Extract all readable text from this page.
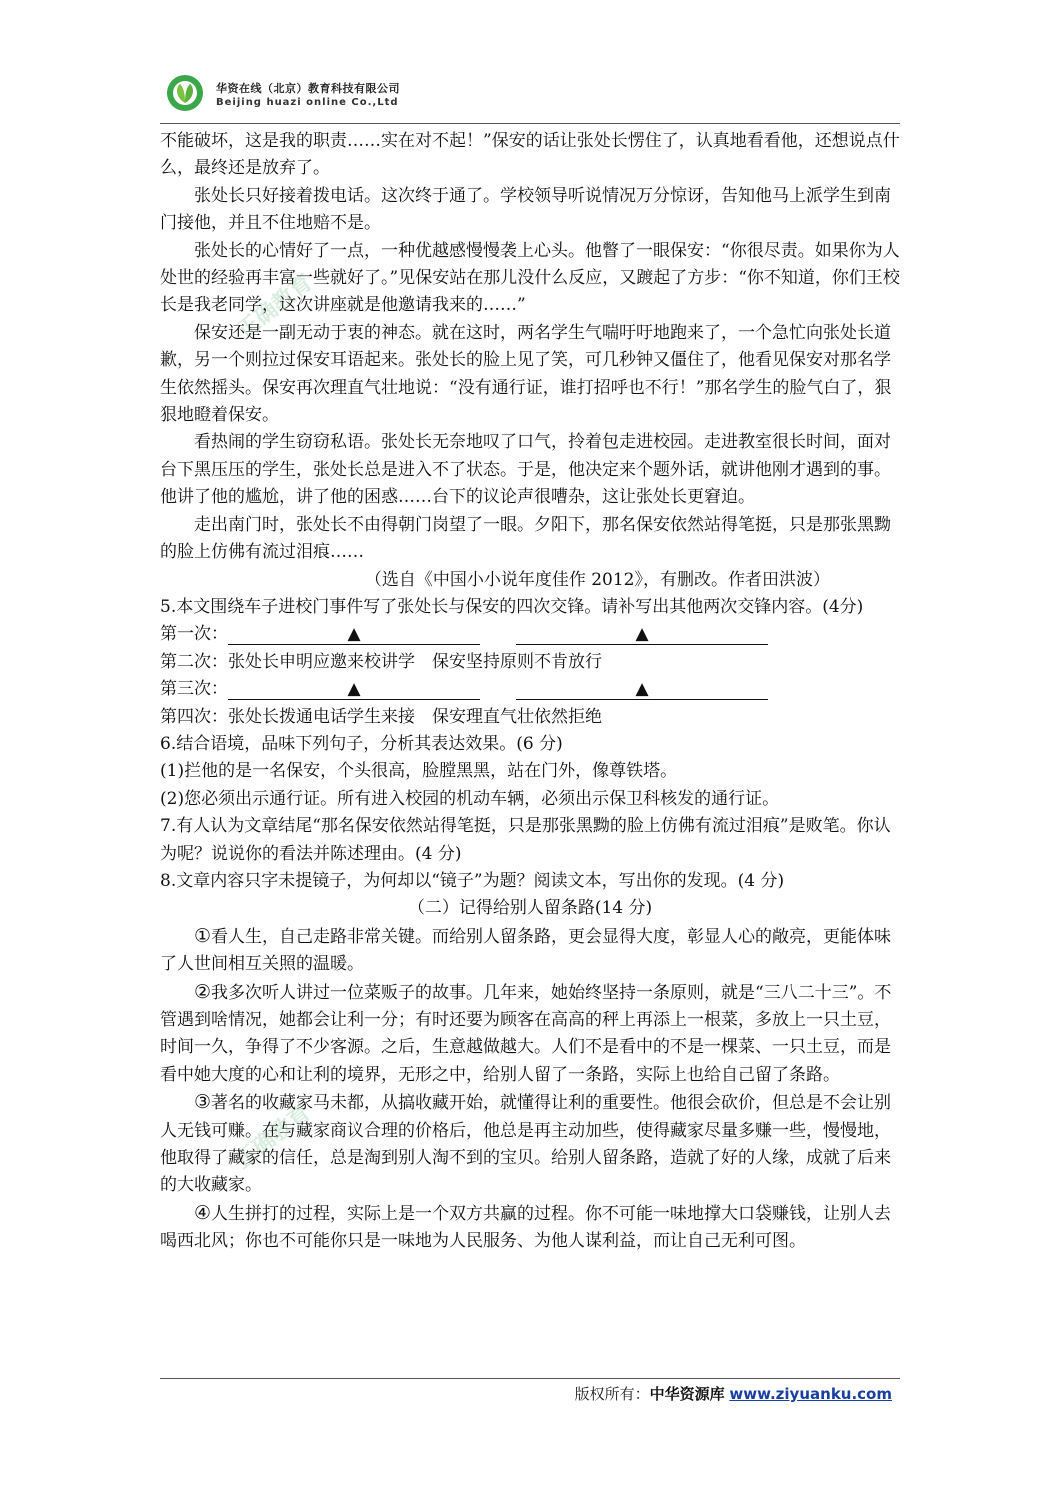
华资在线（北京）教育科技有限公司
Beijing huazi online Co.,Ltd
正确教育
正确教育

不能破坏，这是我的职责……实在对不起！”保安的话让张处长愣住了，认真地看看他，还想说点什么，最终还是放弃了。

张处长只好接着拨电话。这次终于通了。学校领导听说情况万分惊讶，告知他马上派学生到南门接他，并且不住地赔不是。

张处长的心情好了一点，一种优越感慢慢袭上心头。他瞥了一眼保安：“你很尽责。如果你为人处世的经验再丰富一些就好了。”见保安站在那儿没什么反应，又踱起了方步：“你不知道，你们王校长是我老同学，这次讲座就是他邀请我来的……”

保安还是一副无动于衷的神态。就在这时，两名学生气喘吁吁地跑来了，一个急忙向张处长道歉，另一个则拉过保安耳语起来。张处长的脸上见了笑，可几秒钟又僵住了，他看见保安对那名学生依然摇头。保安再次理直气壮地说：“没有通行证，谁打招呼也不行！”那名学生的脸气白了，狠狠地瞪着保安。

看热闹的学生窃窃私语。张处长无奈地叹了口气，拎着包走进校园。走进教室很长时间，面对台下黑压压的学生，张处长总是进入不了状态。于是，他决定来个题外话，就讲他刚才遇到的事。他讲了他的尴尬，讲了他的困惑……台下的议论声很嘈杂，这让张处长更窘迫。

走出南门时，张处长不由得朝门岗望了一眼。夕阳下，那名保安依然站得笔挺，只是那张黑黝的脸上仿佛有流过泪痕……

（选自《中国小小说年度佳作 2012》，有删改。作者田洪波）

5.本文围绕车子进校门事件写了张处长与保安的四次交锋。请补写出其他两次交锋内容。(4分)

第一次：	▲	▲

第二次：张处长申明应邀来校讲学　保安坚持原则不肯放行

第三次：	▲	▲

第四次：张处长拨通电话学生来接　保安理直气壮依然拒绝

6.结合语境，品味下列句子，分析其表达效果。(6 分)

(1)拦他的是一名保安，个头很高，脸膛黑黑，站在门外，像尊铁塔。

(2)您必须出示通行证。所有进入校园的机动车辆，必须出示保卫科核发的通行证。

7.有人认为文章结尾“那名保安依然站得笔挺，只是那张黑黝的脸上仿佛有流过泪痕”是败笔。你认为呢？说说你的看法并陈述理由。(4 分)

8.文章内容只字未提镜子，为何却以“镜子”为题？阅读文本，写出你的发现。(4 分)

（二）记得给别人留条路(14 分)

①看人生，自己走路非常关键。而给别人留条路，更会显得大度，彰显人心的敞亮，更能体味了人世间相互关照的温暖。

②我多次听人讲过一位菜贩子的故事。几年来，她始终坚持一条原则，就是“三八二十三”。不管遇到啥情况，她都会让利一分；有时还要为顾客在高高的秤上再添上一根菜，多放上一只土豆，时间一久，争得了不少客源。之后，生意越做越大。人们不是看中的不是一棵菜、一只土豆，而是看中她大度的心和让利的境界，无形之中，给别人留了一条路，实际上也给自己留了条路。

③著名的收藏家马未都，从搞收藏开始，就懂得让利的重要性。他很会砍价，但总是不会让别人无钱可赚。在与藏家商议合理的价格后，他总是再主动加些，使得藏家尽量多赚一些，慢慢地，他取得了藏家的信任，总是淘到别人淘不到的宝贝。给别人留条路，造就了好的人缘，成就了后来的大收藏家。

④人生拼打的过程，实际上是一个双方共赢的过程。你不可能一味地撑大口袋赚钱，让别人去喝西北风；你也不可能你只是一味地为人民服务、为他人谋利益，而让自己无利可图。

版权所有：中华资源库 www.ziyuanku.com
